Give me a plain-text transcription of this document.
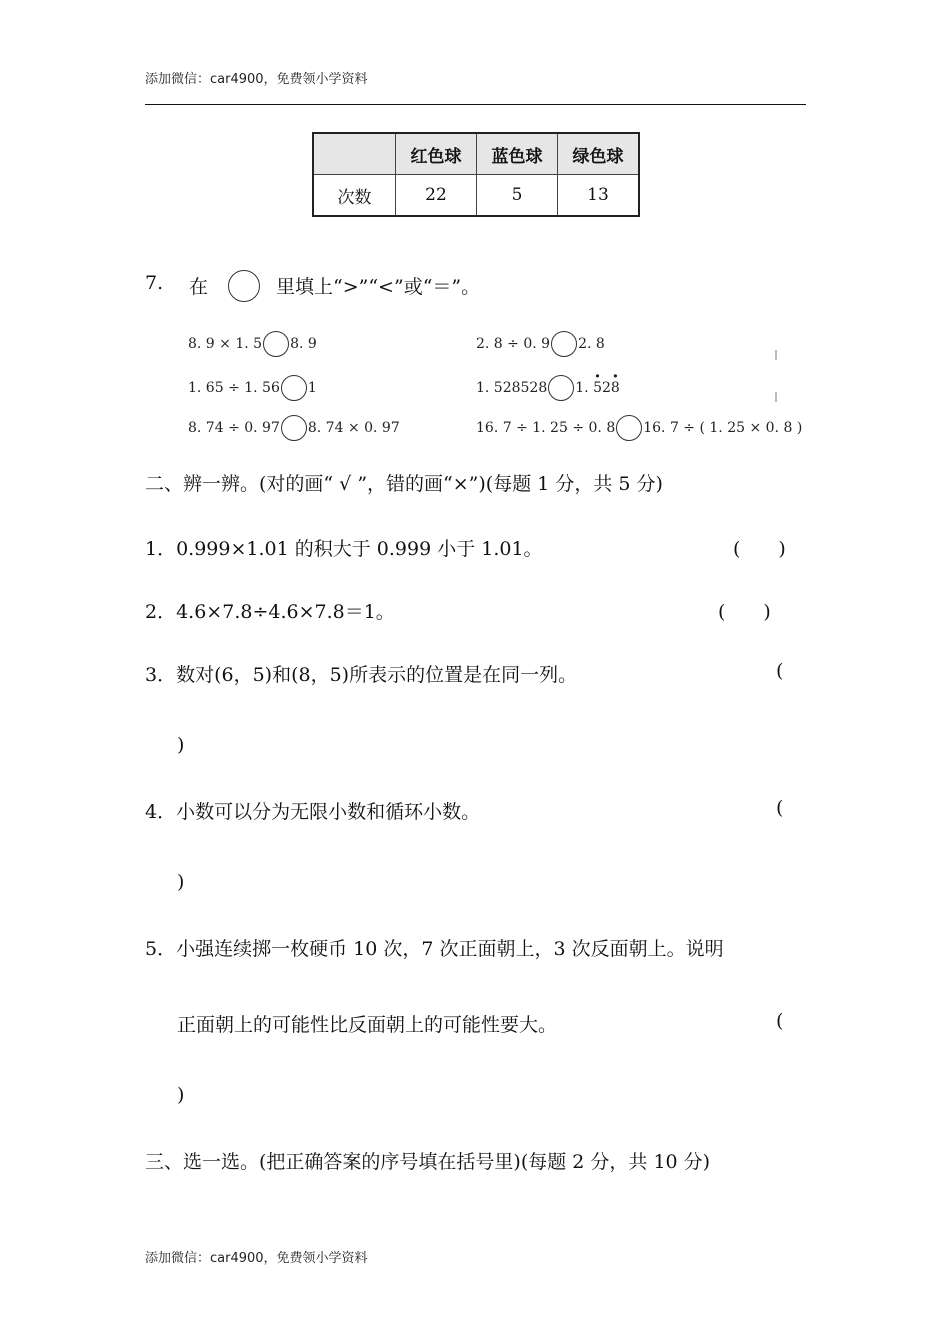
添加微信：car4900，免费领小学资料
	红色球	蓝色球	绿色球
次数	22	5	13
7. 在	里填上“>”“<”或“＝”。
8. 9 × 1. 5 8. 9	2. 8 ÷ 0. 9 2. 8
1. 65 ÷ 1. 56 1	1. 528528 1. · 52· 8
8. 74 ÷ 0. 97 8. 74 × 0. 97	16. 7 ÷ 1. 25 ÷ 0. 8 16. 7 ÷ ( 1. 25 × 0. 8 )
二、辨一辨。(对的画“ √ ”，错的画“×”)(每题 1 分，共 5 分)
1．0.999×1.01 的积大于 0.999 小于 1.01。	(　　)
2．4.6×7.8÷4.6×7.8＝1。	(　　)
3．数对(6，5)和(8，5)所表示的位置是在同一列。	(
)
4．小数可以分为无限小数和循环小数。	(
)
5．小强连续掷一枚硬币 10 次，7 次正面朝上，3 次反面朝上。说明
正面朝上的可能性比反面朝上的可能性要大。	(
)
三、选一选。(把正确答案的序号填在括号里)(每题 2 分，共 10 分)
添加微信：car4900，免费领小学资料
